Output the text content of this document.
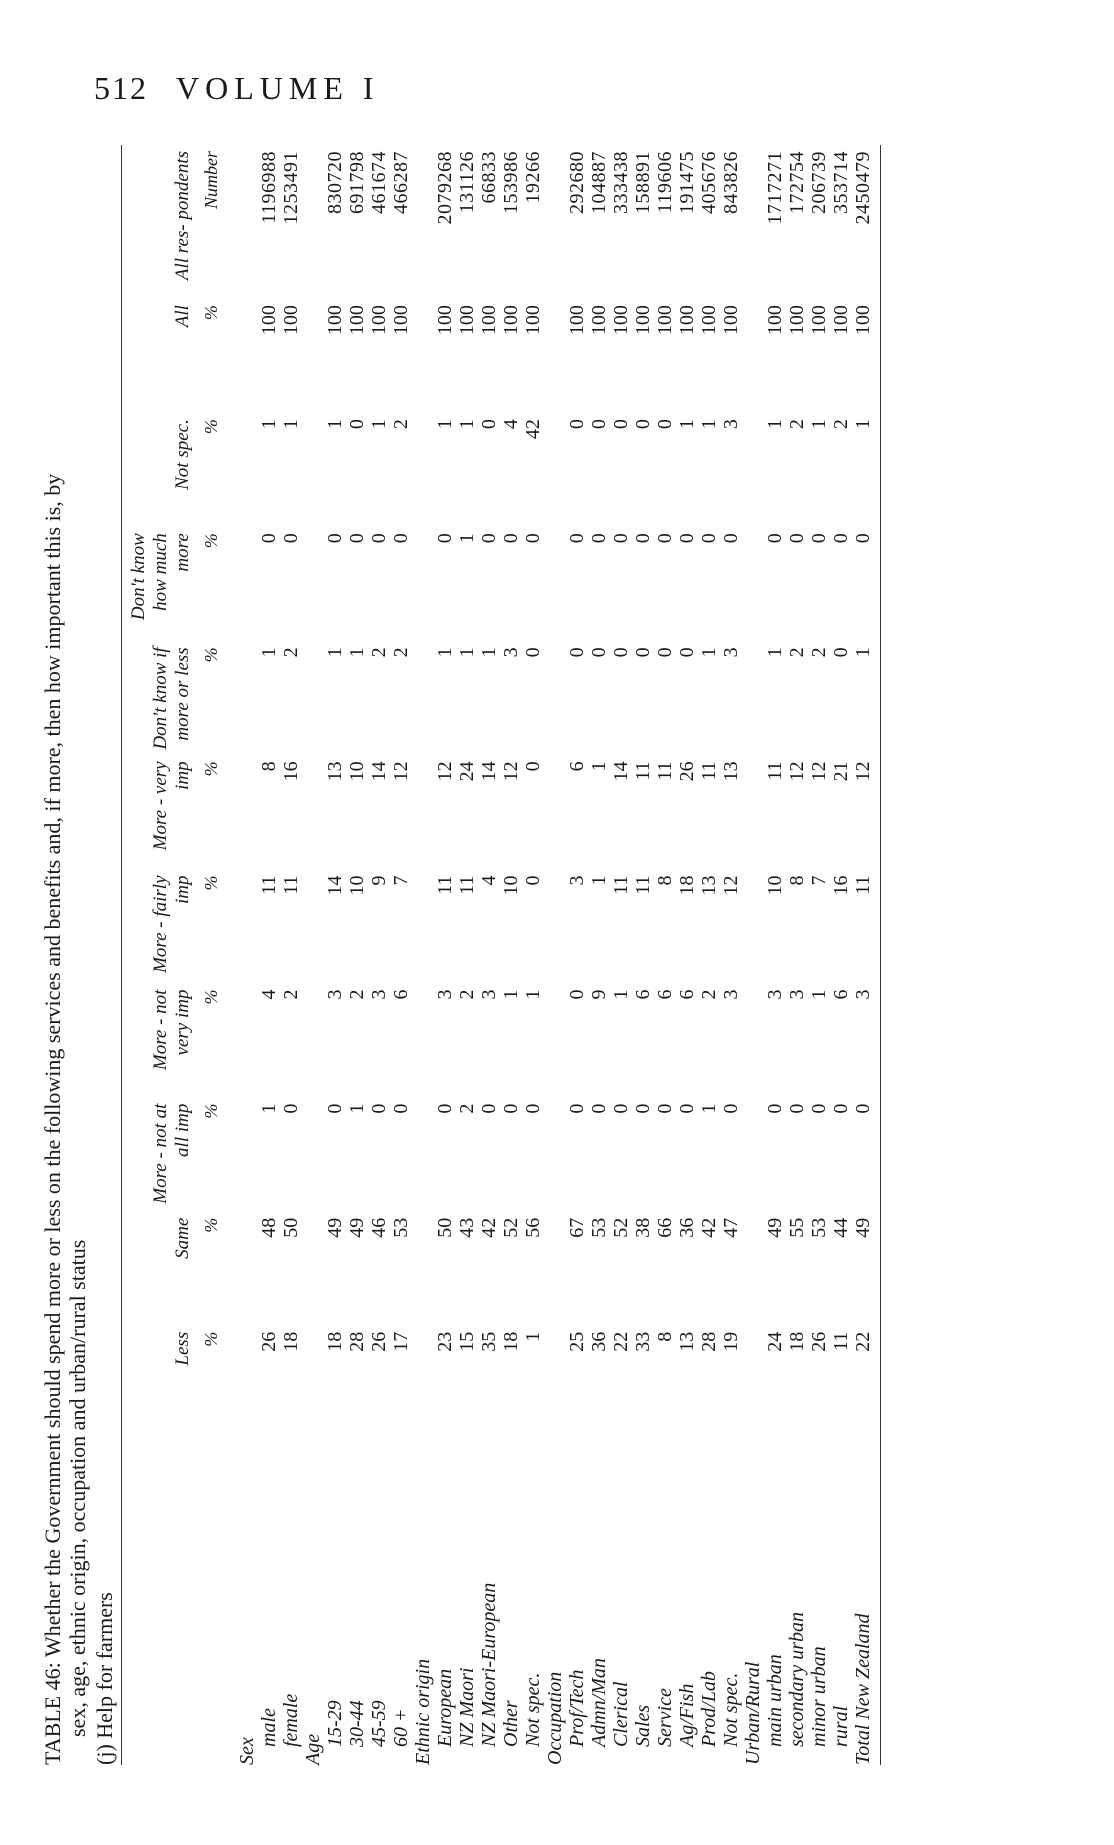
512 VOLUME I
TABLE 46: Whether the Government should spend more or less on the following services and benefits and, if more, then how important this is, by sex, age, ethnic origin, occupation and urban/rural status (j) Help for farmers
	Less	Same	More - not at all imp	More - not very imp	More - fairly imp	More - very imp	Don't know if more or less	Don't know how much more	Not spec.	All	All res- pondents
	%	%	%	%	%	%	%	%	%	%	Number
Sex											
male	26	48	1	4	11	8	1	0	1	100	1196988
female	18	50	0	2	11	16	2	0	1	100	1253491
Age											
15-29	18	49	0	3	14	13	1	0	1	100	830720
30-44	28	49	1	2	10	10	1	0	0	100	691798
45-59	26	46	0	3	9	14	2	0	1	100	461674
60 +	17	53	0	6	7	12	2	0	2	100	466287
Ethnic origin											
European	23	50	0	3	11	12	1	0	1	100	2079268
NZ Maori	15	43	2	2	11	24	1	1	1	100	131126
NZ Maori-European	35	42	0	3	4	14	1	0	0	100	66833
Other	18	52	0	1	10	12	3	0	4	100	153986
Not spec.	1	56	0	1	0	0	0	0	42	100	19266
Occupation											
Prof/Tech	25	67	0	0	3	6	0	0	0	100	292680
Admn/Man	36	53	0	9	1	1	0	0	0	100	104887
Clerical	22	52	0	1	11	14	0	0	0	100	333438
Sales	33	38	0	6	11	11	0	0	0	100	158891
Service	8	66	0	6	8	11	0	0	0	100	119606
Ag/Fish	13	36	0	6	18	26	0	0	1	100	191475
Prod/Lab	28	42	1	2	13	11	1	0	1	100	405676
Not spec.	19	47	0	3	12	13	3	0	3	100	843826
Urban/Rural											
main urban	24	49	0	3	10	11	1	0	1	100	1717271
secondary urban	18	55	0	3	8	12	2	0	2	100	172754
minor urban	26	53	0	1	7	12	2	0	1	100	206739
rural	11	44	0	6	16	21	0	0	2	100	353714
Total New Zealand	22	49	0	3	11	12	1	0	1	100	2450479
